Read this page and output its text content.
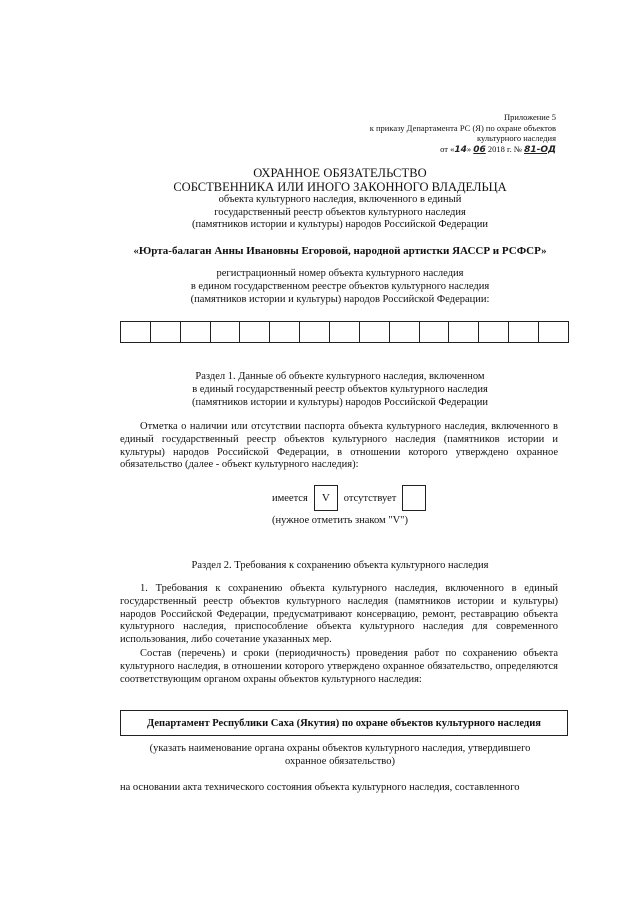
Приложение 5
к приказу Департамента РС (Я) по охране объектов
культурного наследия
от «14» 06 2018 г. № 81-ОД
ОХРАННОЕ ОБЯЗАТЕЛЬСТВО
СОБСТВЕННИКА ИЛИ ИНОГО ЗАКОННОГО ВЛАДЕЛЬЦА
объекта культурного наследия, включенного в единый
государственный реестр объектов культурного наследия
(памятников истории и культуры) народов Российской Федерации
«Юрта-балаган Анны Ивановны Егоровой, народной артистки ЯАССР и РСФСР»
регистрационный номер объекта культурного наследия
в едином государственном реестре объектов культурного наследия
(памятников истории и культуры) народов Российской Федерации:
Раздел 1. Данные об объекте культурного наследия, включенном
в единый государственный реестр объектов культурного наследия
(памятников истории и культуры) народов Российской Федерации
Отметка о наличии или отсутствии паспорта объекта культурного наследия, включенного в единый государственный реестр объектов культурного наследия (памятников истории и культуры) народов Российской Федерации, в отношении которого утверждено охранное обязательство (далее - объект культурного наследия):
имеется	V	отсутствует
(нужное отметить знаком "V")
Раздел 2. Требования к сохранению объекта культурного наследия
1. Требования к сохранению объекта культурного наследия, включенного в единый государственный реестр объектов культурного наследия (памятников истории и культуры) народов Российской Федерации, предусматривают консервацию, ремонт, реставрацию объекта культурного наследия, приспособление объекта культурного наследия для современного использования, либо сочетание указанных мер.
Состав (перечень) и сроки (периодичность) проведения работ по сохранению объекта культурного наследия, в отношении которого утверждено охранное обязательство, определяются соответствующим органом охраны объектов культурного наследия:
Департамент Республики Саха (Якутия) по охране объектов культурного наследия
(указать наименование органа охраны объектов культурного наследия, утвердившего
охранное обязательство)
на основании акта технического состояния объекта культурного наследия, составленного
